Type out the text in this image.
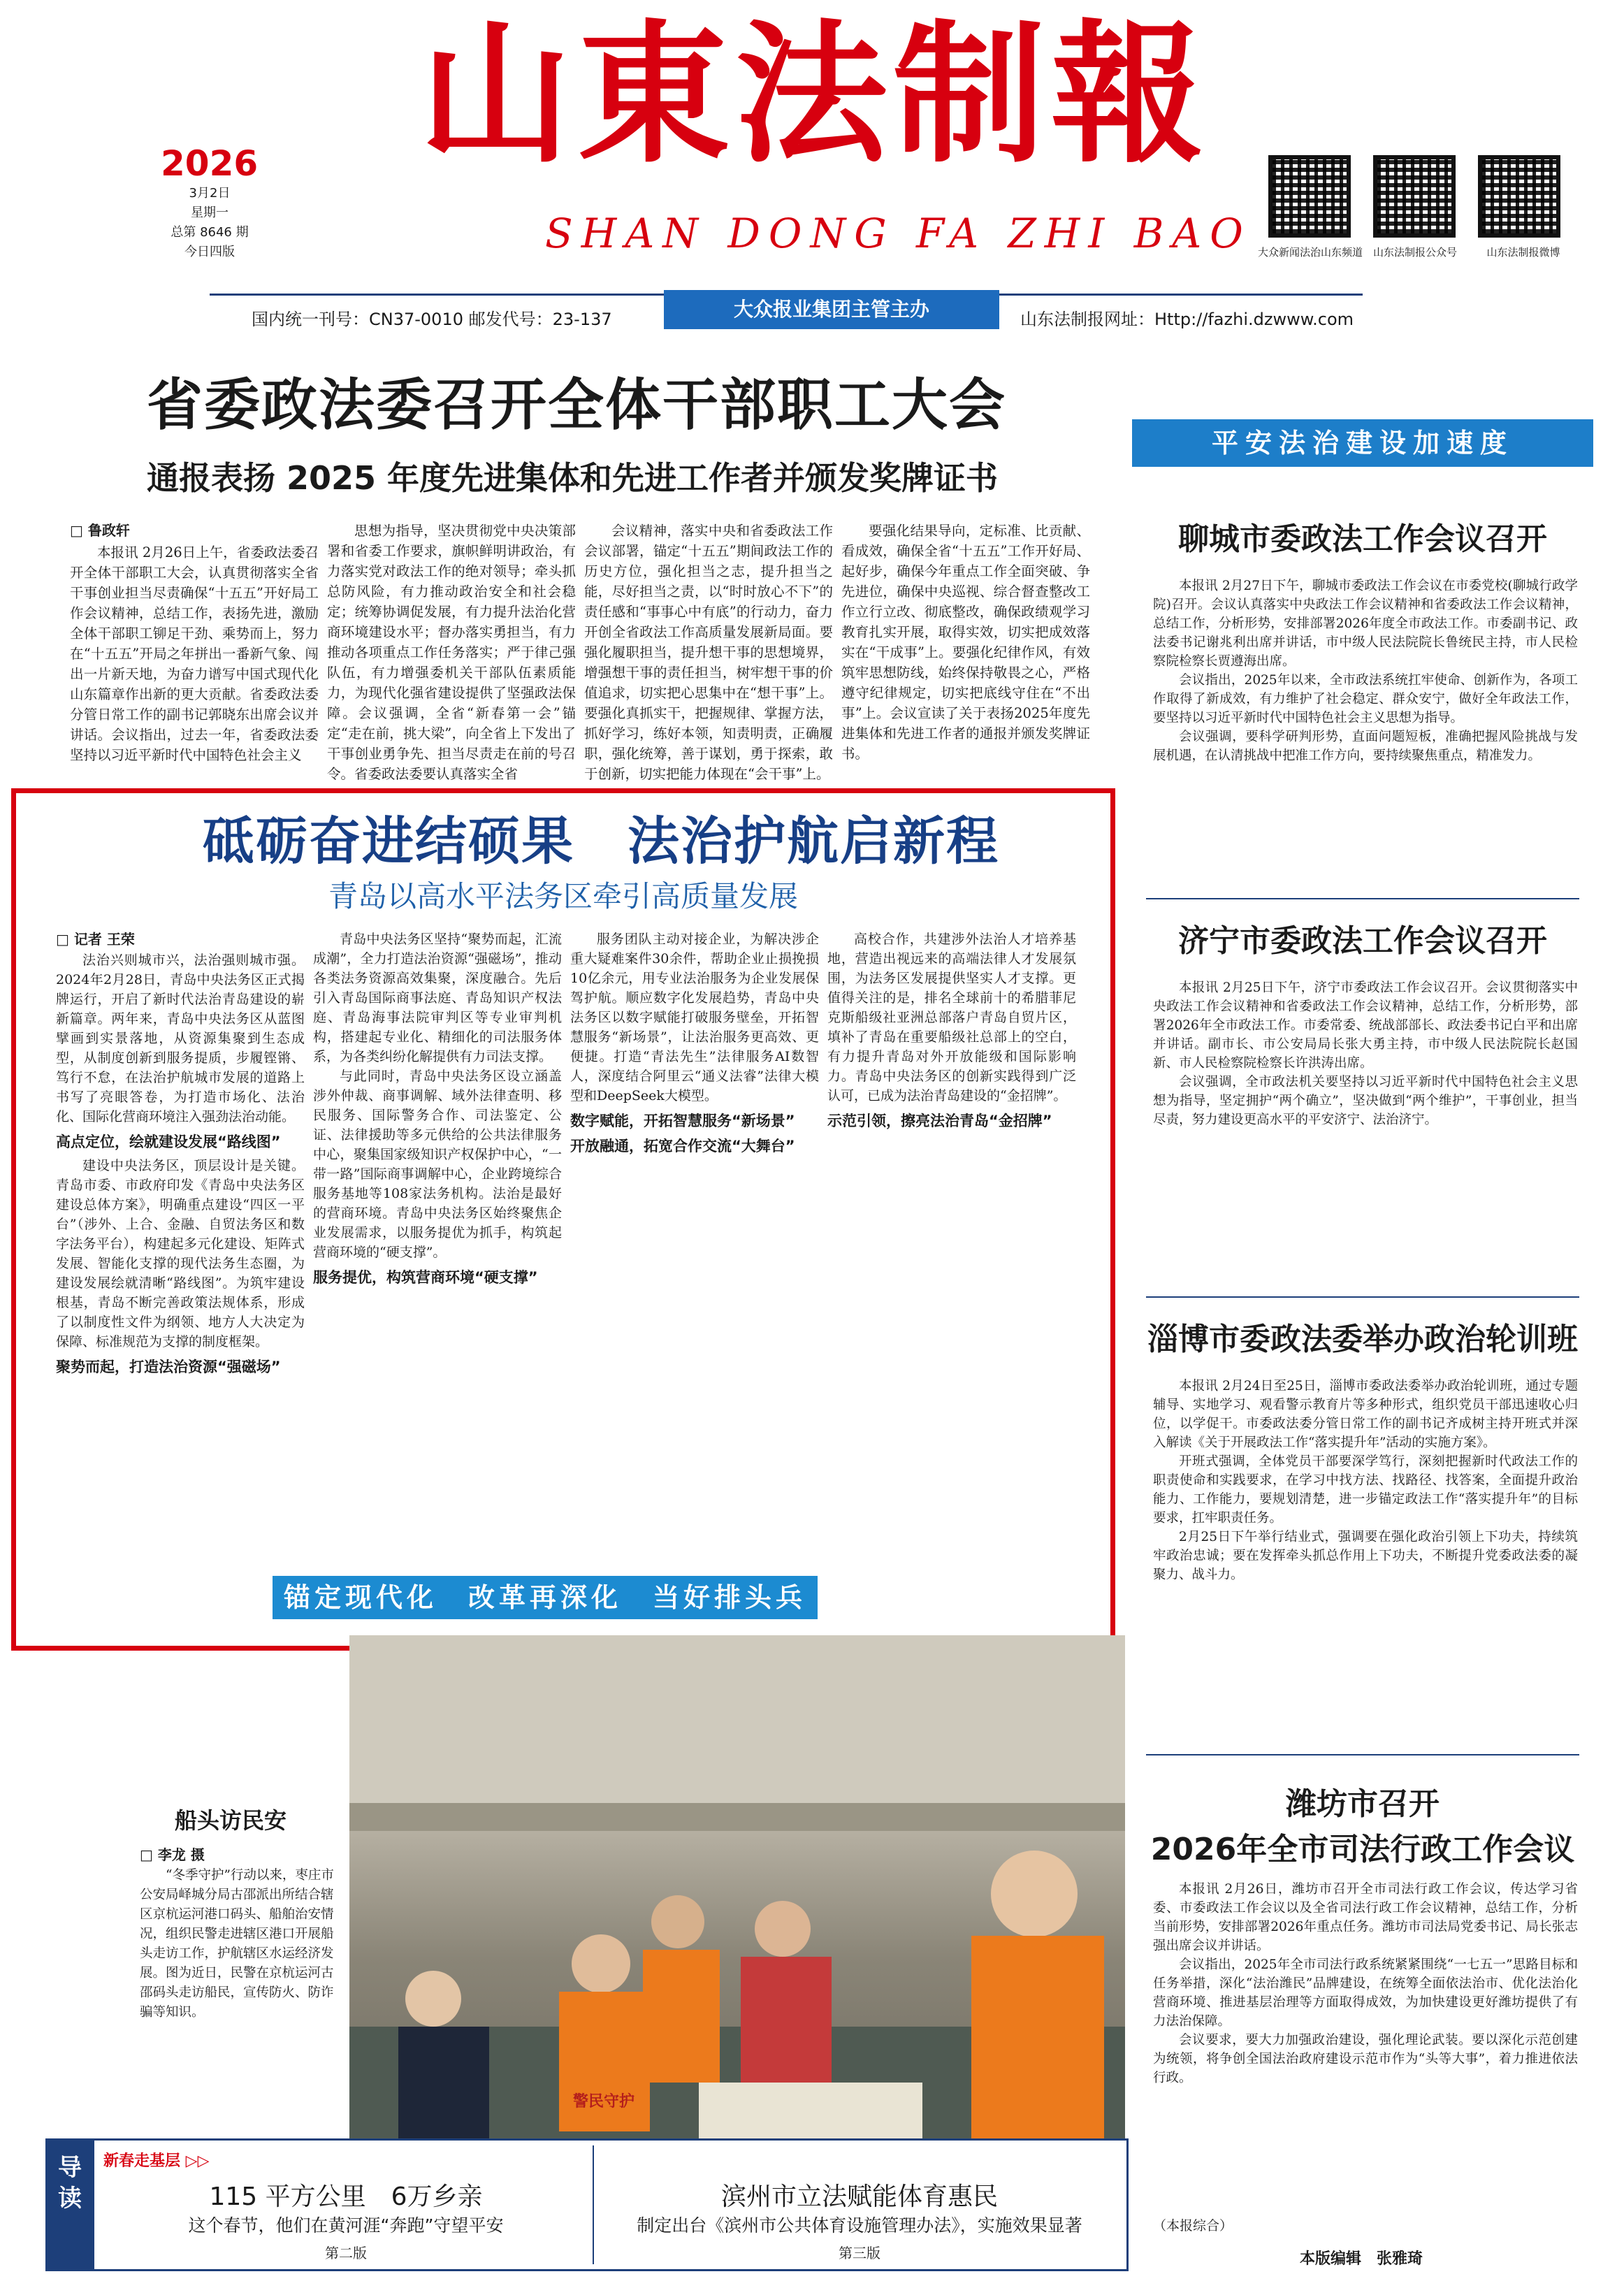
山東法制報
SHAN DONG FA ZHI BAO
2026
3月2日
星期一
总第 8646 期
今日四版	大众新闻法治山东频道 山东法制报公众号	山东法制报微博
国内统一刊号：CN37-0010 邮发代号：23-137	大众报业集团主管主办	山东法制报网址：Http://fazhi.dzwww.com
省委政法委召开全体干部职工大会
通报表扬 2025 年度先进集体和先进工作者并颁发奖牌证书
□ 鲁政轩

本报讯 2月26日上午，省委政法委召开全体干部职工大会，认真贯彻落实全省干事创业担当尽责确保“十五五”开好局工作会议精神，总结工作，表扬先进，激励全体干部职工铆足干劲、乘势而上，努力在“十五五”开局之年拼出一番新气象、闯出一片新天地，为奋力谱写中国式现代化山东篇章作出新的更大贡献。省委政法委分管日常工作的副书记郭晓东出席会议并讲话。会议指出，过去一年，省委政法委坚持以习近平新时代中国特色社会主义

思想为指导，坚决贯彻党中央决策部署和省委工作要求，旗帜鲜明讲政治，有力落实党对政法工作的绝对领导；牵头抓总防风险，有力推动政治安全和社会稳定；统筹协调促发展，有力提升法治化营商环境建设水平；督办落实勇担当，有力推动各项重点工作任务落实；严于律己强队伍，有力增强委机关干部队伍素质能力，为现代化强省建设提供了坚强政法保障。会议强调，全省“新春第一会”锚定“走在前，挑大梁”，向全省上下发出了干事创业勇争先、担当尽责走在前的号召令。省委政法委要认真落实全省

会议精神，落实中央和省委政法工作会议部署，锚定“十五五”期间政法工作的历史方位，强化担当之志，提升担当之能，尽好担当之责，以“时时放心不下”的责任感和“事事心中有底”的行动力，奋力开创全省政法工作高质量发展新局面。要强化履职担当，提升想干事的思想境界，增强想干事的责任担当，树牢想干事的价值追求，切实把心思集中在“想干事”上。要强化真抓实干，把握规律、掌握方法，抓好学习，练好本领，知责明责，正确履职，强化统筹，善于谋划，勇于探索，敢于创新，切实把能力体现在“会干事”上。

要强化结果导向，定标准、比贡献、看成效，确保全省“十五五”工作开好局、起好步，确保今年重点工作全面突破、争先进位，确保中央巡视、综合督查整改工作立行立改、彻底整改，确保政绩观学习教育扎实开展，取得实效，切实把成效落实在“干成事”上。要强化纪律作风，有效筑牢思想防线，始终保持敬畏之心，严格遵守纪律规定，切实把底线守住在“不出事”上。会议宣读了关于表扬2025年度先进集体和先进工作者的通报并颁发奖牌证书。

砥砺奋进结硕果　法治护航启新程
青岛以高水平法务区牵引高质量发展
□ 记者 王荣

法治兴则城市兴，法治强则城市强。2024年2月28日，青岛中央法务区正式揭牌运行，开启了新时代法治青岛建设的崭新篇章。两年来，青岛中央法务区从蓝图擘画到实景落地，从资源集聚到生态成型，从制度创新到服务提质，步履铿锵、笃行不怠，在法治护航城市发展的道路上书写了亮眼答卷，为打造市场化、法治化、国际化营商环境注入强劲法治动能。

高点定位，绘就建设发展“路线图”

建设中央法务区，顶层设计是关键。青岛市委、市政府印发《青岛中央法务区建设总体方案》，明确重点建设“四区一平台”（涉外、上合、金融、自贸法务区和数字法务平台），构建起多元化建设、矩阵式发展、智能化支撑的现代法务生态圈，为建设发展绘就清晰“路线图”。为筑牢建设根基，青岛不断完善政策法规体系，形成了以制度性文件为纲领、地方人大决定为保障、标准规范为支撑的制度框架。

聚势而起，打造法治资源“强磁场”

青岛中央法务区坚持“聚势而起，汇流成潮”，全力打造法治资源“强磁场”，推动各类法务资源高效集聚，深度融合。先后引入青岛国际商事法庭、青岛知识产权法庭、青岛海事法院审判区等专业审判机构，搭建起专业化、精细化的司法服务体系，为各类纠纷化解提供有力司法支撑。

与此同时，青岛中央法务区设立涵盖涉外仲裁、商事调解、域外法律查明、移民服务、国际警务合作、司法鉴定、公证、法律援助等多元供给的公共法律服务中心，聚集国家级知识产权保护中心，“一带一路”国际商事调解中心，企业跨境综合服务基地等108家法务机构。法治是最好的营商环境。青岛中央法务区始终聚焦企业发展需求，以服务提优为抓手，构筑起营商环境的“硬支撑”。

服务提优，构筑营商环境“硬支撑”

服务团队主动对接企业，为解决涉企重大疑难案件30余件，帮助企业止损挽损10亿余元，用专业法治服务为企业发展保驾护航。顺应数字化发展趋势，青岛中央法务区以数字赋能打破服务壁垒，开拓智慧服务“新场景”，让法治服务更高效、更便捷。打造“青法先生”法律服务AI数智人，深度结合阿里云“通义法睿”法律大模型和DeepSeek大模型。

数字赋能，开拓智慧服务“新场景”

开放融通，拓宽合作交流“大舞台”

高校合作，共建涉外法治人才培养基地，营造出视远来的高端法律人才发展氛围，为法务区发展提供坚实人才支撑。更值得关注的是，排名全球前十的希腊菲尼克斯船级社亚洲总部落户青岛自贸片区，填补了青岛在重要船级社总部上的空白，有力提升青岛对外开放能级和国际影响力。青岛中央法务区的创新实践得到广泛认可，已成为法治青岛建设的“金招牌”。

示范引领，擦亮法治青岛“金招牌”

锚定现代化　改革再深化　当好排头兵
平安法治建设加速度
聊城市委政法工作会议召开

本报讯 2月27日下午，聊城市委政法工作会议在市委党校(聊城行政学院)召开。会议认真落实中央政法工作会议精神和省委政法工作会议精神，总结工作，分析形势，安排部署2026年度全市政法工作。市委副书记、政法委书记谢兆利出席并讲话，市中级人民法院院长鲁统民主持，市人民检察院检察长贾遵海出席。

会议指出，2025年以来，全市政法系统扛牢使命、创新作为，各项工作取得了新成效，有力维护了社会稳定、群众安宁，做好全年政法工作，要坚持以习近平新时代中国特色社会主义思想为指导。

会议强调，要科学研判形势，直面问题短板，准确把握风险挑战与发展机遇，在认清挑战中把准工作方向，要持续聚焦重点，精准发力。

济宁市委政法工作会议召开

本报讯 2月25日下午，济宁市委政法工作会议召开。会议贯彻落实中央政法工作会议精神和省委政法工作会议精神，总结工作，分析形势，部署2026年全市政法工作。市委常委、统战部部长、政法委书记白平和出席并讲话。副市长、市公安局局长张大勇主持，市中级人民法院院长赵国新、市人民检察院检察长许洪涛出席。

会议强调，全市政法机关要坚持以习近平新时代中国特色社会主义思想为指导，坚定拥护“两个确立”，坚决做到“两个维护”，干事创业，担当尽责，努力建设更高水平的平安济宁、法治济宁。

淄博市委政法委举办政治轮训班

本报讯 2月24日至25日，淄博市委政法委举办政治轮训班，通过专题辅导、实地学习、观看警示教育片等多种形式，组织党员干部迅速收心归位，以学促干。市委政法委分管日常工作的副书记齐成树主持开班式并深入解读《关于开展政法工作“落实提升年”活动的实施方案》。

开班式强调，全体党员干部要深学笃行，深刻把握新时代政法工作的职责使命和实践要求，在学习中找方法、找路径、找答案，全面提升政治能力、工作能力，要规划清楚，进一步锚定政法工作“落实提升年”的目标要求，扛牢职责任务。

2月25日下午举行结业式，强调要在强化政治引领上下功夫，持续筑牢政治忠诚；要在发挥牵头抓总作用上下功夫，不断提升党委政法委的凝聚力、战斗力。

潍坊市召开
2026年全市司法行政工作会议

本报讯 2月26日，潍坊市召开全市司法行政工作会议，传达学习省委、市委政法工作会议以及全省司法行政工作会议精神，总结工作，分析当前形势，安排部署2026年重点任务。潍坊市司法局党委书记、局长张志强出席会议并讲话。

会议指出，2025年全市司法行政系统紧紧围绕“一七五一”思路目标和任务举措，深化“法治潍民”品牌建设，在统筹全面依法治市、优化法治化营商环境、推进基层治理等方面取得成效，为加快建设更好潍坊提供了有力法治保障。

会议要求，要大力加强政治建设，强化理论武装。要以深化示范创建为统领，将争创全国法治政府建设示范市作为“头等大事”，着力推进依法行政。

（本报综合）
本版编辑　张雅琦
警民守护
船头访民安
□ 李龙 摄

“冬季守护”行动以来，枣庄市公安局峄城分局古邵派出所结合辖区京杭运河港口码头、船舶治安情况，组织民警走进辖区港口开展船头走访工作，护航辖区水运经济发展。图为近日，民警在京杭运河古邵码头走访船民，宣传防火、防诈骗等知识。

导读
新春走基层 ▷▷
115 平方公里　6万乡亲
这个春节，他们在黄河涯“奔跑”守望平安
第二版
滨州市立法赋能体育惠民
制定出台《滨州市公共体育设施管理办法》，实施效果显著
第三版
